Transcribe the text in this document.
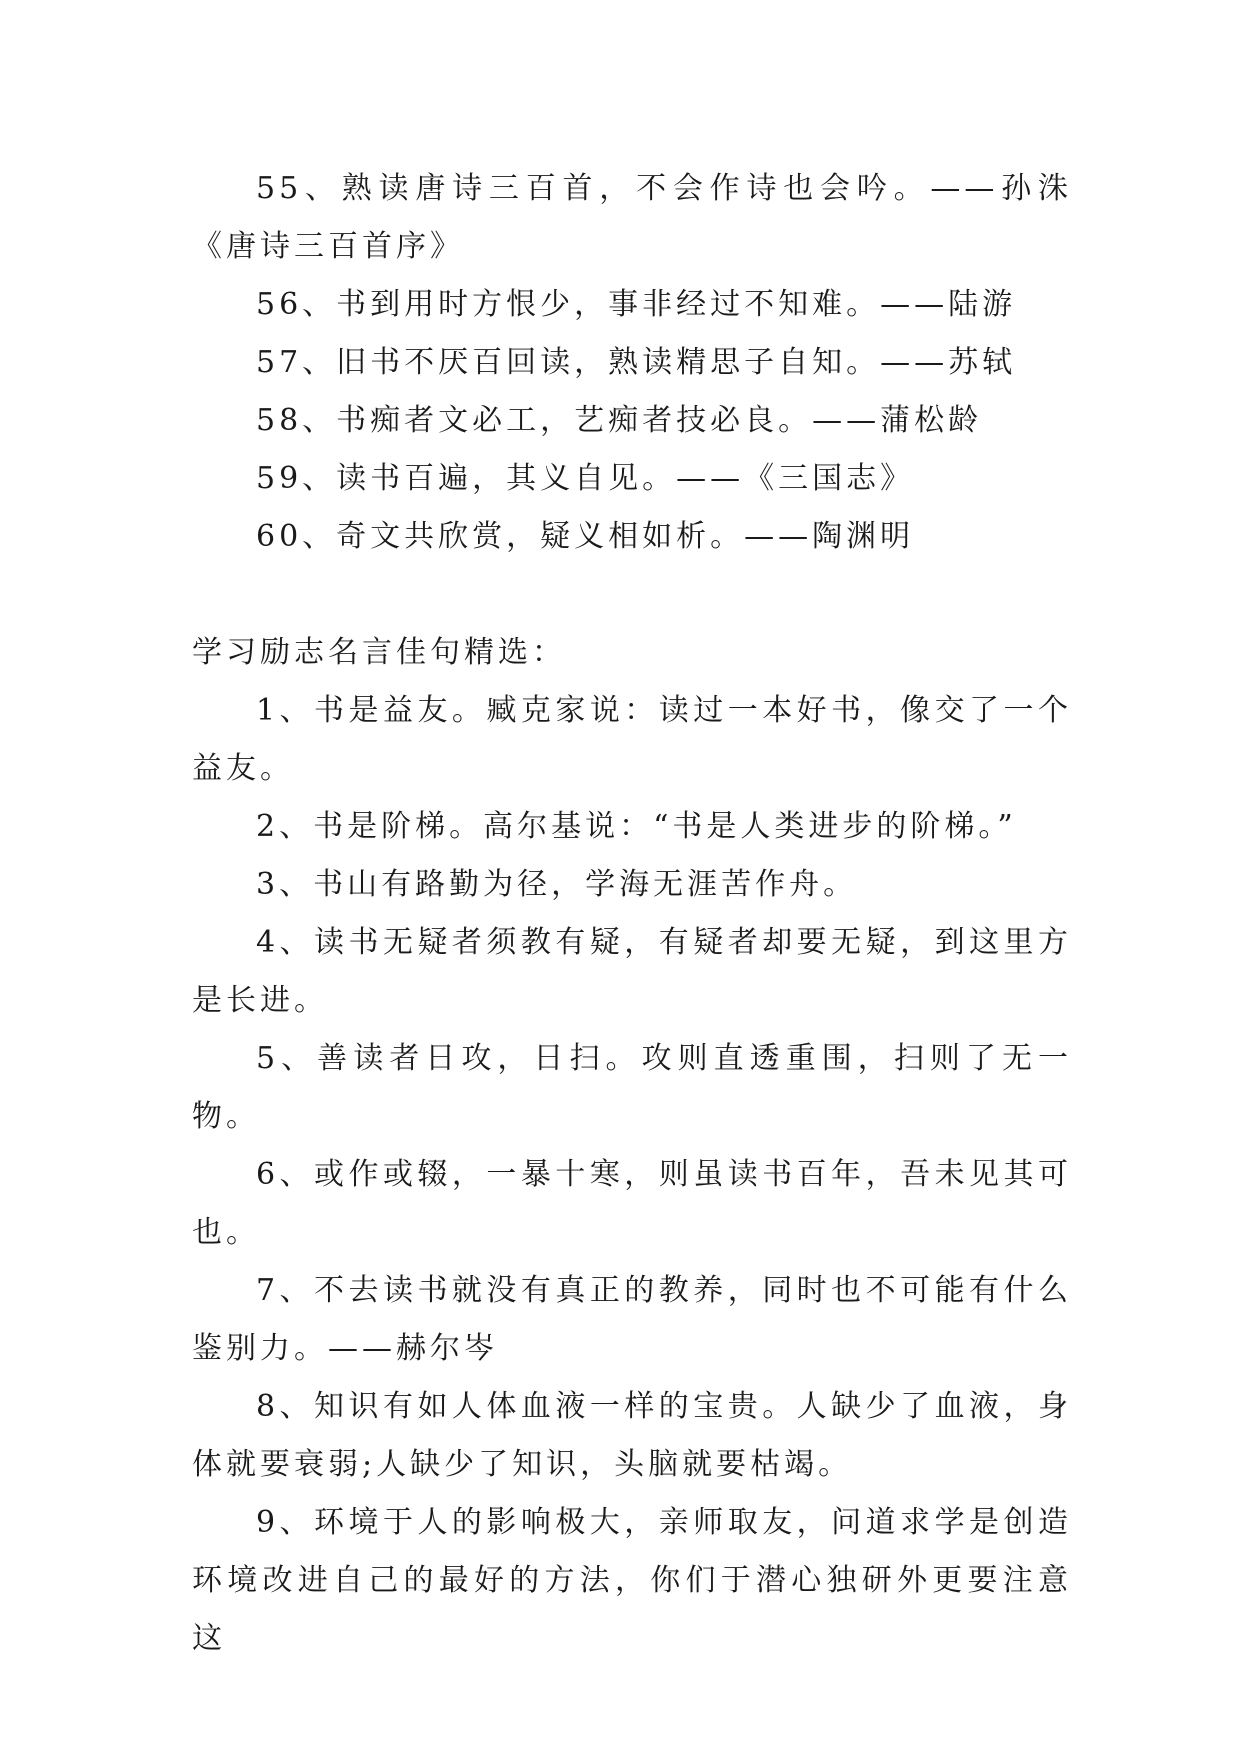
55、熟读唐诗三百首，不会作诗也会吟。——孙洙《唐诗三百首序》

56、书到用时方恨少，事非经过不知难。——陆游

57、旧书不厌百回读，熟读精思子自知。——苏轼

58、书痴者文必工，艺痴者技必良。——蒲松龄

59、读书百遍，其义自见。——《三国志》

60、奇文共欣赏，疑义相如析。——陶渊明

学习励志名言佳句精选：

1、书是益友。臧克家说：读过一本好书，像交了一个益友。

2、书是阶梯。高尔基说：“书是人类进步的阶梯。”

3、书山有路勤为径，学海无涯苦作舟。

4、读书无疑者须教有疑，有疑者却要无疑，到这里方是长进。

5、善读者日攻，日扫。攻则直透重围，扫则了无一物。

6、或作或辍，一暴十寒，则虽读书百年，吾未见其可也。

7、不去读书就没有真正的教养，同时也不可能有什么鉴别力。——赫尔岑

8、知识有如人体血液一样的宝贵。人缺少了血液，身体就要衰弱;人缺少了知识，头脑就要枯竭。

9、环境于人的影响极大，亲师取友，问道求学是创造环境改进自己的最好的方法，你们于潜心独研外更要注意这
